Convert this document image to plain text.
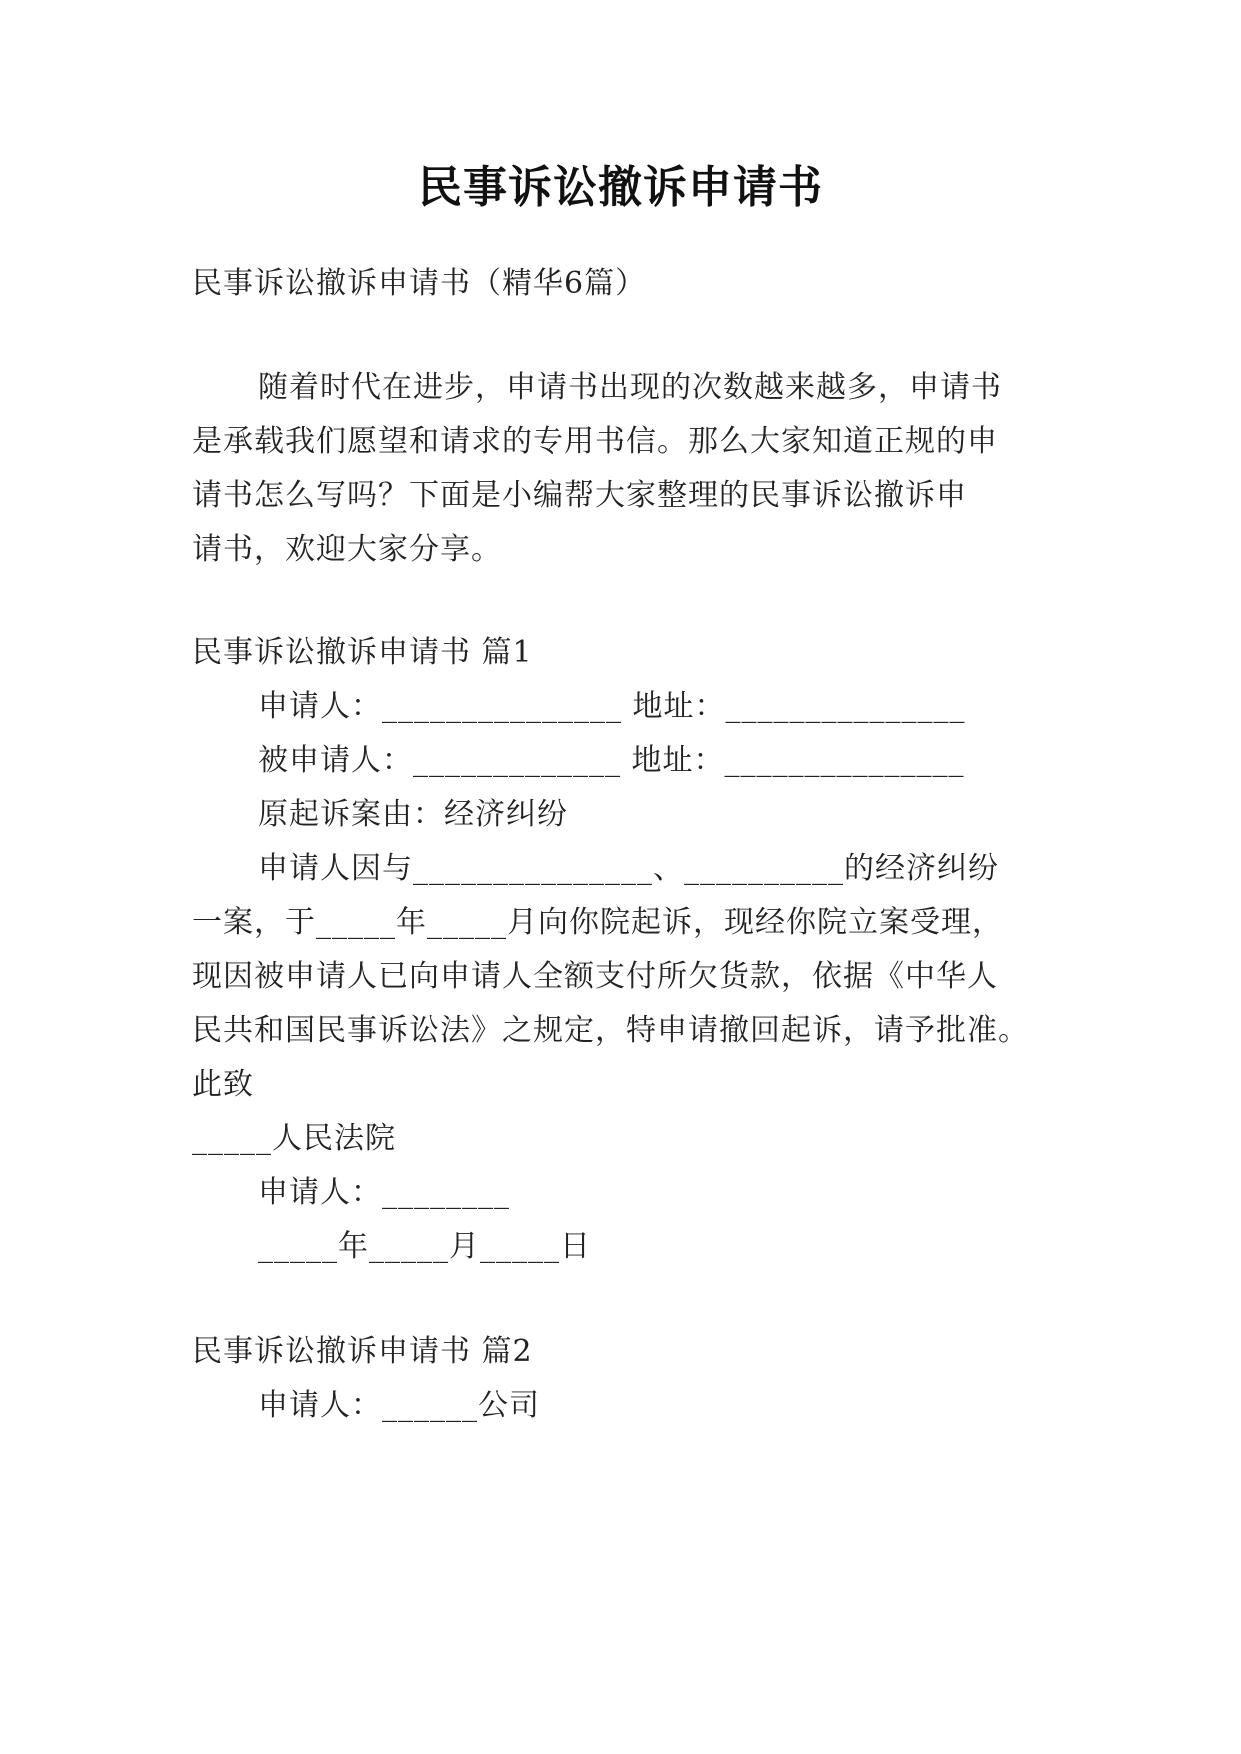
民事诉讼撤诉申请书
民事诉讼撤诉申请书（精华6篇）
随着时代在进步，申请书出现的次数越来越多，申请书
是承载我们愿望和请求的专用书信。那么大家知道正规的申
请书怎么写吗？下面是小编帮大家整理的民事诉讼撤诉申
请书，欢迎大家分享。
民事诉讼撤诉申请书 篇1
申请人：_______________ 地址：_______________
被申请人：_____________ 地址：_______________
原起诉案由：经济纠纷
申请人因与_______________、__________的经济纠纷
一案，于_____年_____月向你院起诉，现经你院立案受理，
现因被申请人已向申请人全额支付所欠货款，依据《中华人
民共和国民事诉讼法》之规定，特申请撤回起诉，请予批准。
此致
_____人民法院
申请人：________
_____年_____月_____日
民事诉讼撤诉申请书 篇2
申请人：______公司
